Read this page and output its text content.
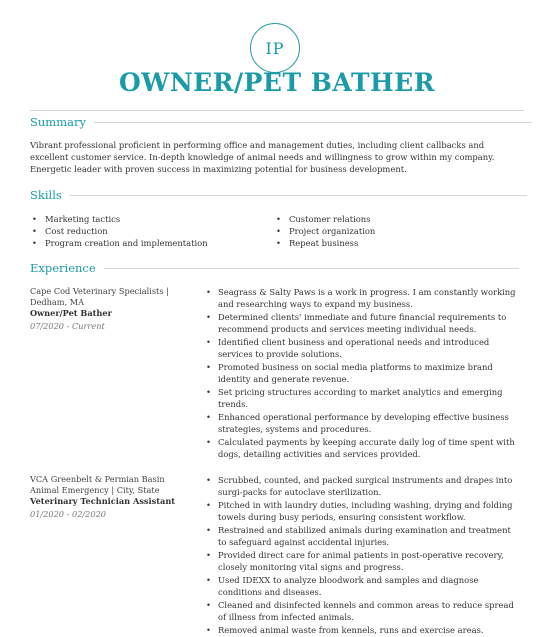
IP
OWNER/PET BATHER
Summary
Vibrant professional proficient in performing office and management duties, including client callbacks and excellent customer service. In-depth knowledge of animal needs and willingness to grow within my company. Energetic leader with proven success in maximizing potential for business development.
Skills
• Marketing tactics
• Cost reduction
• Program creation and implementation
• Customer relations
• Project organization
• Repeat business
Experience
Cape Cod Veterinary Specialists | Dedham, MA
Owner/Pet Bather
07/2020 - Current
• Seagrass & Salty Paws is a work in progress. I am constantly working and researching ways to expand my business.
• Determined clients' immediate and future financial requirements to recommend products and services meeting individual needs.
• Identified client business and operational needs and introduced services to provide solutions.
• Promoted business on social media platforms to maximize brand identity and generate revenue.
• Set pricing structures according to market analytics and emerging trends.
• Enhanced operational performance by developing effective business strategies, systems and procedures.
• Calculated payments by keeping accurate daily log of time spent with dogs, detailing activities and services provided.
VCA Greenbelt & Permian Basin Animal Emergency | City, State
Veterinary Technician Assistant
01/2020 - 02/2020
• Scrubbed, counted, and packed surgical instruments and drapes into surgi-packs for autoclave sterilization.
• Pitched in with laundry duties, including washing, drying and folding towels during busy periods, ensuring consistent workflow.
• Restrained and stabilized animals during examination and treatment to safeguard against accidental injuries.
• Provided direct care for animal patients in post-operative recovery, closely monitoring vital signs and progress.
• Used IDEXX to analyze bloodwork and samples and diagnose conditions and diseases.
• Cleaned and disinfected kennels and common areas to reduce spread of illness from infected animals.
• Removed animal waste from kennels, runs and exercise areas.
